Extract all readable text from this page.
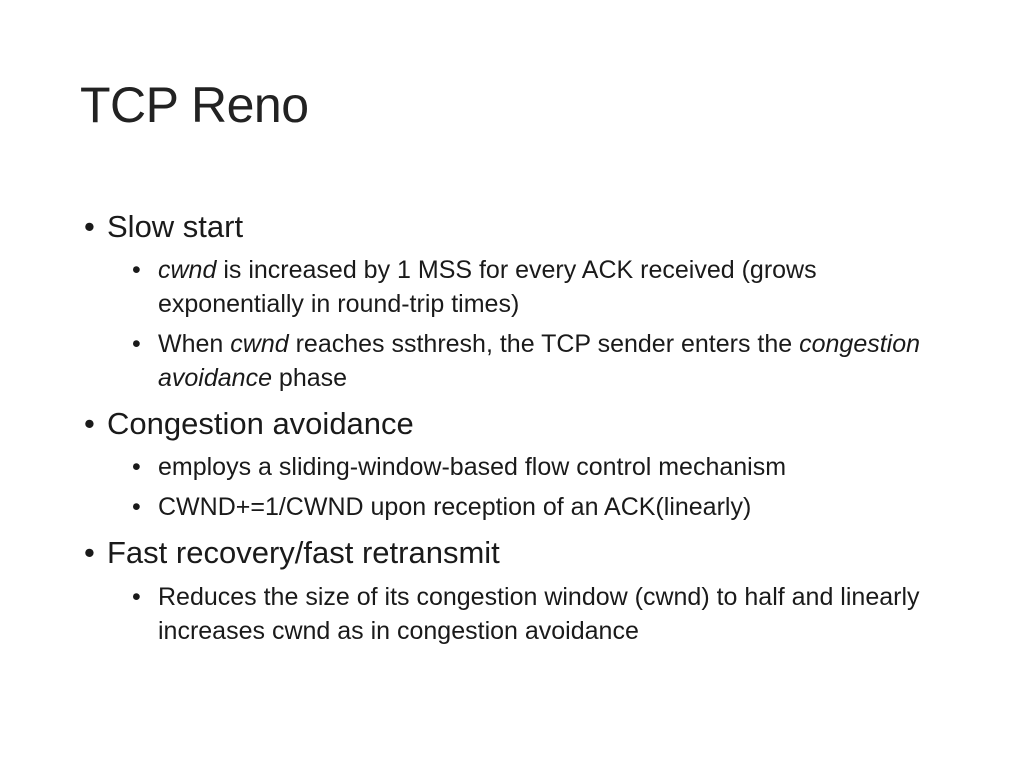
TCP Reno

• Slow start

• cwnd is increased by 1 MSS for every ACK received (grows exponentially in round-trip times)

• When cwnd reaches ssthresh, the TCP sender enters the congestion avoidance phase

• Congestion avoidance

• employs a sliding-window-based flow control mechanism

• CWND+=1/CWND upon reception of an ACK(linearly)

• Fast recovery/fast retransmit

• Reduces the size of its congestion window (cwnd) to half and linearly increases cwnd as in congestion avoidance
